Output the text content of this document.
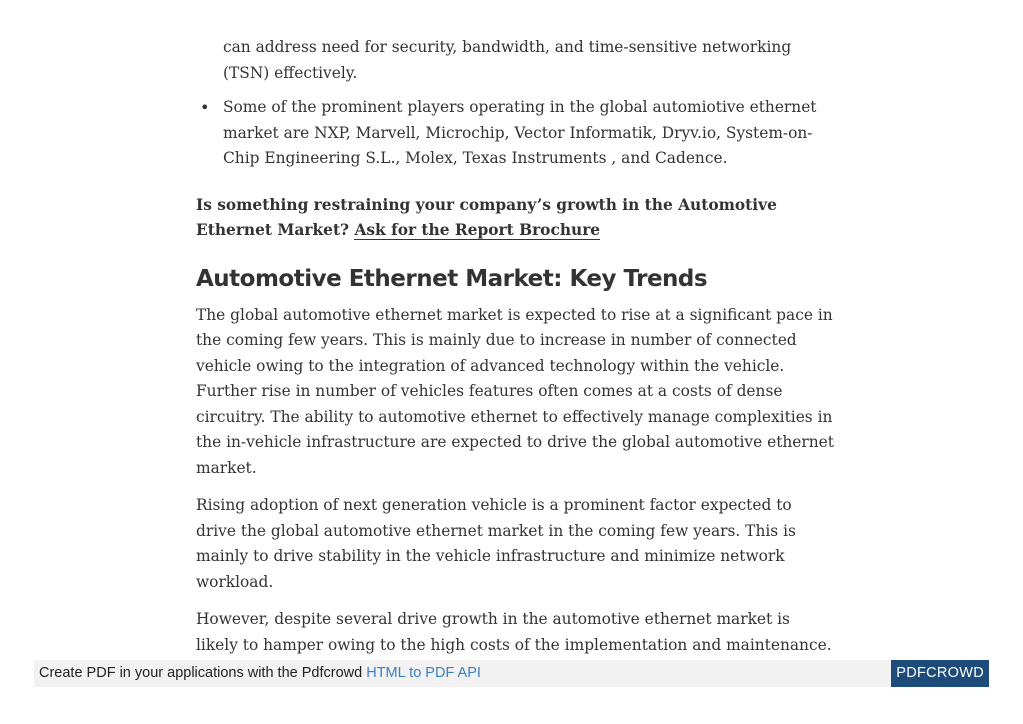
can address need for security, bandwidth, and time-sensitive networking (TSN) effectively.
• Some of the prominent players operating in the global automiotive ethernet market are NXP, Marvell, Microchip, Vector Informatik, Dryv.io, System-on-Chip Engineering S.L., Molex, Texas Instruments , and Cadence.
Is something restraining your company’s growth in the Automotive Ethernet Market? Ask for the Report Brochure
Automotive Ethernet Market: Key Trends

The global automotive ethernet market is expected to rise at a significant pace in the coming few years. This is mainly due to increase in number of connected vehicle owing to the integration of advanced technology within the vehicle. Further rise in number of vehicles features often comes at a costs of dense circuitry. The ability to automotive ethernet to effectively manage complexities in the in-vehicle infrastructure are expected to drive the global automotive ethernet market.

Rising adoption of next generation vehicle is a prominent factor expected to drive the global automotive ethernet market in the coming few years. This is mainly to drive stability in the vehicle infrastructure and minimize network workload.

However, despite several drive growth in the automotive ethernet market is likely to hamper owing to the high costs of the implementation and maintenance.

Create PDF in your applications with the Pdfcrowd HTML to PDF API	PDFCROWD
